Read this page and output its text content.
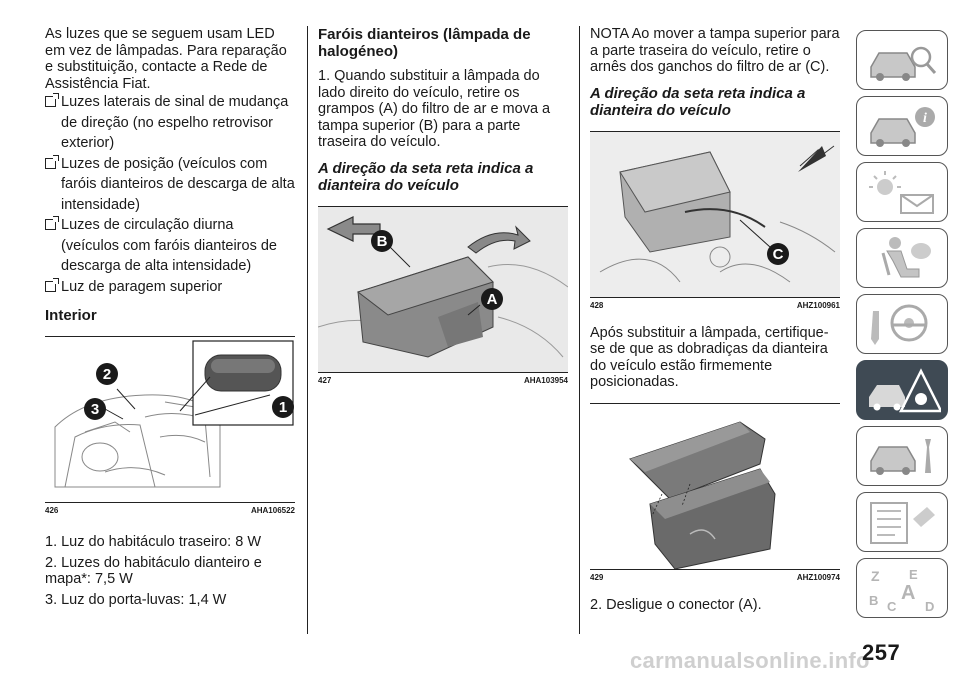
As luzes que se seguem usam LED em vez de lâmpadas. Para reparação e substituição, contacte a Rede de Assistência Fiat.

Luzes laterais de sinal de mudança de direção (no espelho retrovisor exterior)
Luzes de posição (veículos com faróis dianteiros de descarga de alta intensidade)
Luzes de circulação diurna (veículos com faróis dianteiros de descarga de alta intensidade)
Luz de paragem superior
Interior
2
3	1
426	AHA106522

1. Luz do habitáculo traseiro: 8 W

2. Luzes do habitáculo dianteiro e mapa*: 7,5 W

3. Luz do porta-luvas: 1,4 W

Faróis dianteiros (lâmpada de halogéneo)

1. Quando substituir a lâmpada do lado direito do veículo, retire os grampos (A) do filtro de ar e mova a tampa superior (B) para a parte traseira do veículo.

A direção da seta reta indica a dianteira do veículo
B
A
427	AHA103954

NOTA Ao mover a tampa superior para a parte traseira do veículo, retire o arnês dos ganchos do filtro de ar (C).

A direção da seta reta indica a dianteira do veículo
C
428	AHZ100961

Após substituir a lâmpada, certifique-se de que as dobradiças da dianteira do veículo estão firmemente posicionadas.

429	AHZ100974

2. Desligue o conector (A).

i
Z E
A
B C D
carmanualsonline.info
257
